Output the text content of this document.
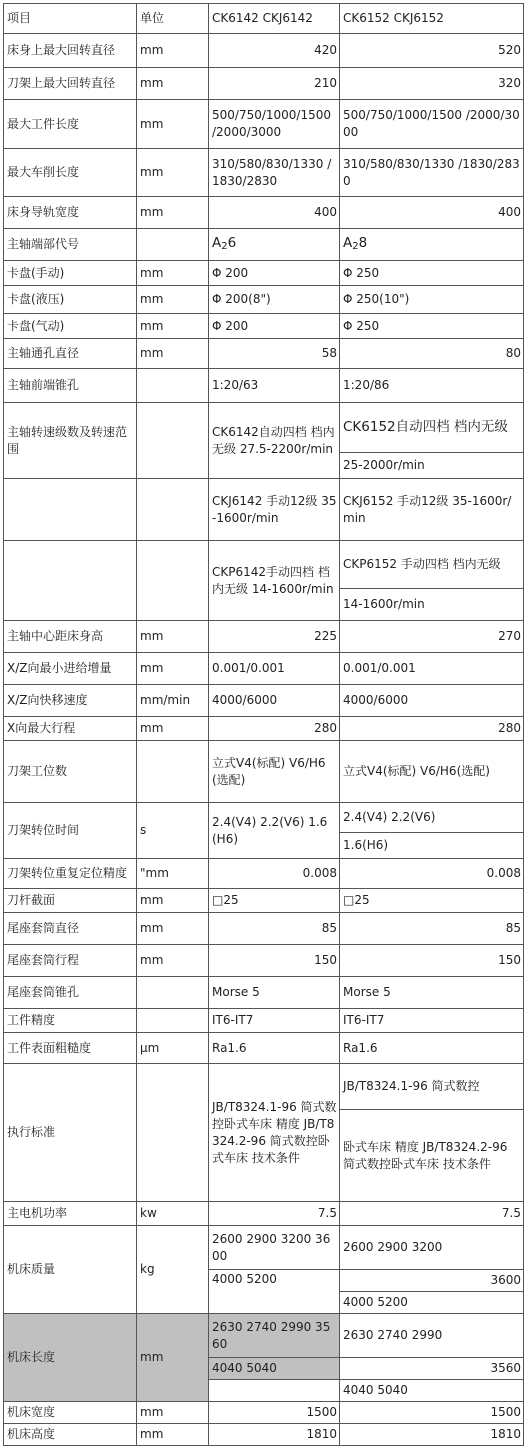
项目	单位	CK6142 CKJ6142	CK6152 CKJ6152
床身上最大回转直径	mm	420	520
刀架上最大回转直径	mm	210	320
最大工件长度	mm	500/750/1000/1500 /2000/3000	500/750/1000/1500 /2000/3000
最大车削长度	mm	310/580/830/1330 /1830/2830	310/580/830/1330 /1830/2830
床身导轨宽度	mm	400	400
主轴端部代号		$A_26$	$A_28$
卡盘(手动)	mm	Φ 200	Φ 250
卡盘(液压)	mm	Φ 200(8")	Φ 250(10")
卡盘(气动)	mm	Φ 200	Φ 250
主轴通孔直径	mm	58	80
主轴前端锥孔		1:20/63	1:20/86
主轴转速级数及转速范围		CK6142自动四档 档内无级 27.5-2200r/min	CK6152自动四档 档内无级
			25-2000r/min
		CKJ6142 手动12级 35-1600r/min	CKJ6152 手动12级 35-1600r/min
		CKP6142手动四档 档内无级 14-1600r/min	CKP6152 手动四档 档内无级
			14-1600r/min
主轴中心距床身高	mm	225	270
X/Z向最小进给增量	mm	0.001/0.001	0.001/0.001
X/Z向快移速度	mm/min	4000/6000	4000/6000
X向最大行程	mm	280	280
刀架工位数		立式V4(标配) V6/H6(选配)	立式V4(标配) V6/H6(选配)
刀架转位时间	s	2.4(V4) 2.2(V6) 1.6(H6)	2.4(V4) 2.2(V6)
			1.6(H6)
刀架转位重复定位精度	"mm	0.008	0.008
刀杆截面	mm	□25	□25
尾座套筒直径	mm	85	85
尾座套筒行程	mm	150	150
尾座套筒锥孔		Morse 5	Morse 5
工件精度		IT6-IT7	IT6-IT7
工件表面粗糙度	μm	Ra1.6	Ra1.6
执行标准		JB/T8324.1-96 简式数控卧式车床 精度 JB/T8324.2-96 简式数控卧式车床 技术条件	JB/T8324.1-96 简式数控
			卧式车床 精度 JB/T8324.2-96 简式数控卧式车床 技术条件
主电机功率	kw	7.5	7.5
机床质量	kg	2600 2900 3200 3600	2600 2900 3200
		4000 5200	3600
			4000 5200
机床长度	mm	2630 2740 2990 3560	2630 2740 2990
		4040 5040	3560
			4040 5040
机床宽度	mm	1500	1500
机床高度	mm	1810	1810
